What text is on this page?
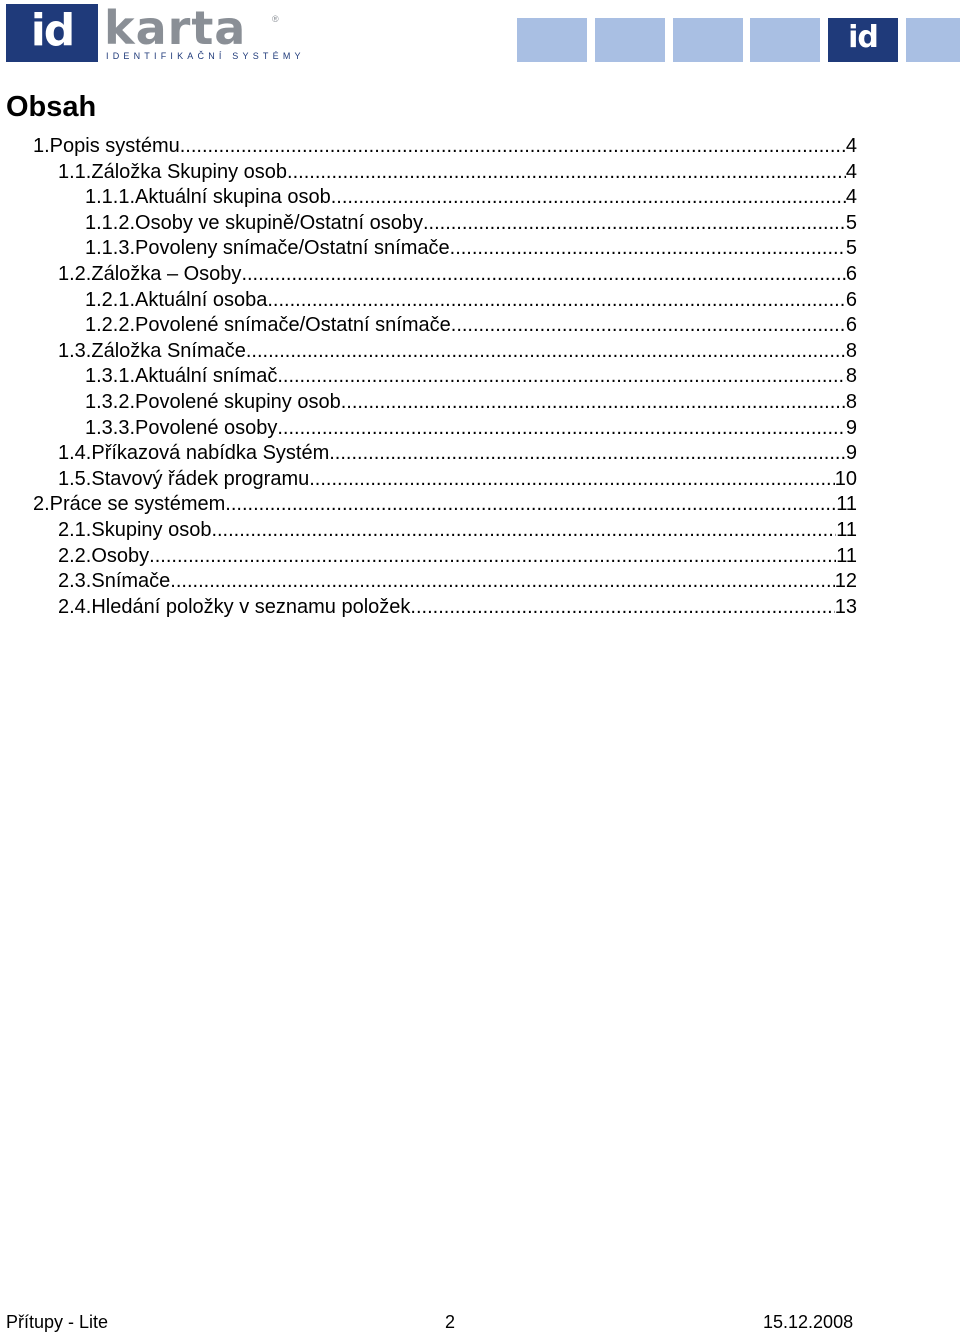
id karta	®
IDENTIFIKAČNÍ SYSTÉMY
id
Obsah
1.Popis systému .....	4
1.1.Záložka Skupiny osob .....	4
1.1.1.Aktuální skupina osob .....	4
1.1.2.Osoby ve skupině/Ostatní osoby .....	5
1.1.3.Povoleny snímače/Ostatní snímače .....	5
1.2.Záložka – Osoby .....	6
1.2.1.Aktuální osoba .....	6
1.2.2.Povolené snímače/Ostatní snímače .....	6
1.3.Záložka Snímače .....	8
1.3.1.Aktuální snímač .....	8
1.3.2.Povolené skupiny osob .....	8
1.3.3.Povolené osoby .....	9
1.4.Příkazová nabídka Systém .....	9
1.5.Stavový řádek programu .....	10
2.Práce se systémem .....	11
2.1.Skupiny osob .....	11
2.2.Osoby .....	11
2.3.Snímače .....	12
2.4.Hledání položky v seznamu položek .....	13
Přítupy - Lite	2	15.12.2008
